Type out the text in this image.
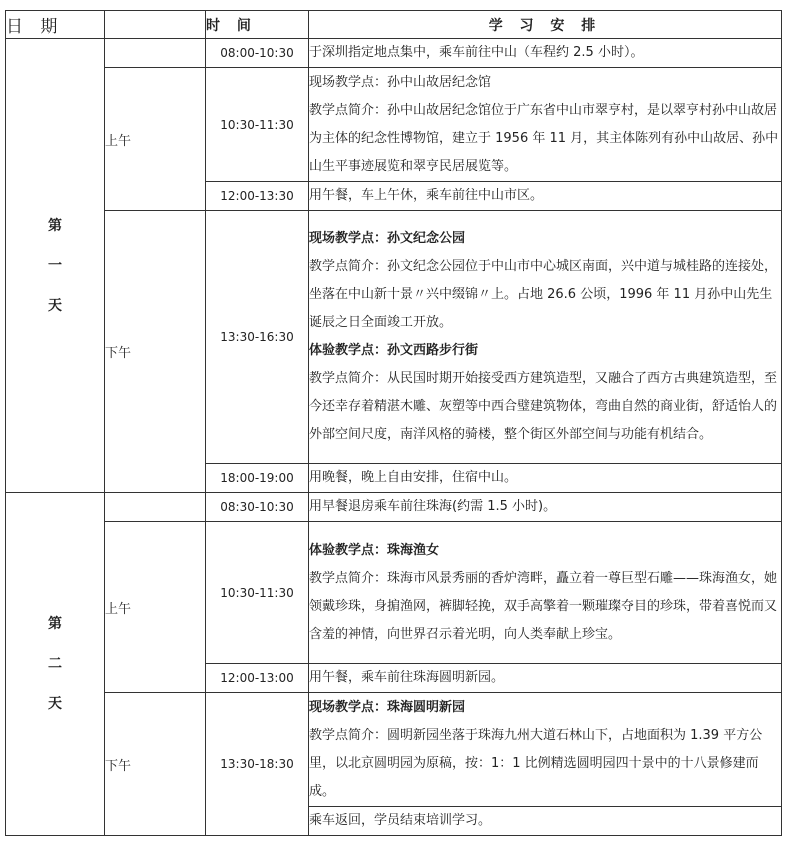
日 期		时 间	学 习 安 排

第
一
天		08:00-10:30	于深圳指定地点集中，乘车前往中山（车程约 2.5 小时）。

	上午	10:30-11:30	现场教学点：孙中山故居纪念馆

教学点简介：孙中山故居纪念馆位于广东省中山市翠亨村，是以翠亨村孙中山故居为主体的纪念性博物馆，建立于 1956 年 11 月，其主体陈列有孙中山故居、孙中山生平事迹展览和翠亨民居展览等。

		12:00-13:30	用午餐，车上午休，乘车前往中山市区。

	下午	13:30-16:30	现场教学点：孙文纪念公园

教学点简介：孙文纪念公园位于中山市中心城区南面，兴中道与城桂路的连接处，坐落在中山新十景〃兴中缀锦〃上。占地 26.6 公顷，1996 年 11 月孙中山先生诞辰之日全面竣工开放。

体验教学点：孙文西路步行街

教学点简介：从民国时期开始接受西方建筑造型，又融合了西方古典建筑造型，至今还幸存着精湛木雕、灰塑等中西合璧建筑物体，弯曲自然的商业街，舒适怡人的外部空间尺度，南洋风格的骑楼，整个街区外部空间与功能有机结合。

		18:00-19:00	用晚餐，晚上自由安排，住宿中山。

第
二
天		08:30-10:30	用早餐退房乘车前往珠海(约需 1.5 小时)。

	上午	10:30-11:30	体验教学点：珠海渔女

教学点简介：珠海市风景秀丽的香炉湾畔，矗立着一尊巨型石雕——珠海渔女，她领戴珍珠，身掮渔网，裤脚轻挽，双手高擎着一颗璀璨夺目的珍珠，带着喜悦而又含羞的神情，向世界召示着光明，向人类奉献上珍宝。

		12:00-13:00	用午餐，乘车前往珠海圆明新园。

	下午	13:30-18:30	现场教学点：珠海圆明新园

教学点简介：圆明新园坐落于珠海九州大道石林山下，占地面积为 1.39 平方公里，以北京圆明园为原稿，按：1：1 比例精选圆明园四十景中的十八景修建而成。

			乘车返回，学员结束培训学习。
